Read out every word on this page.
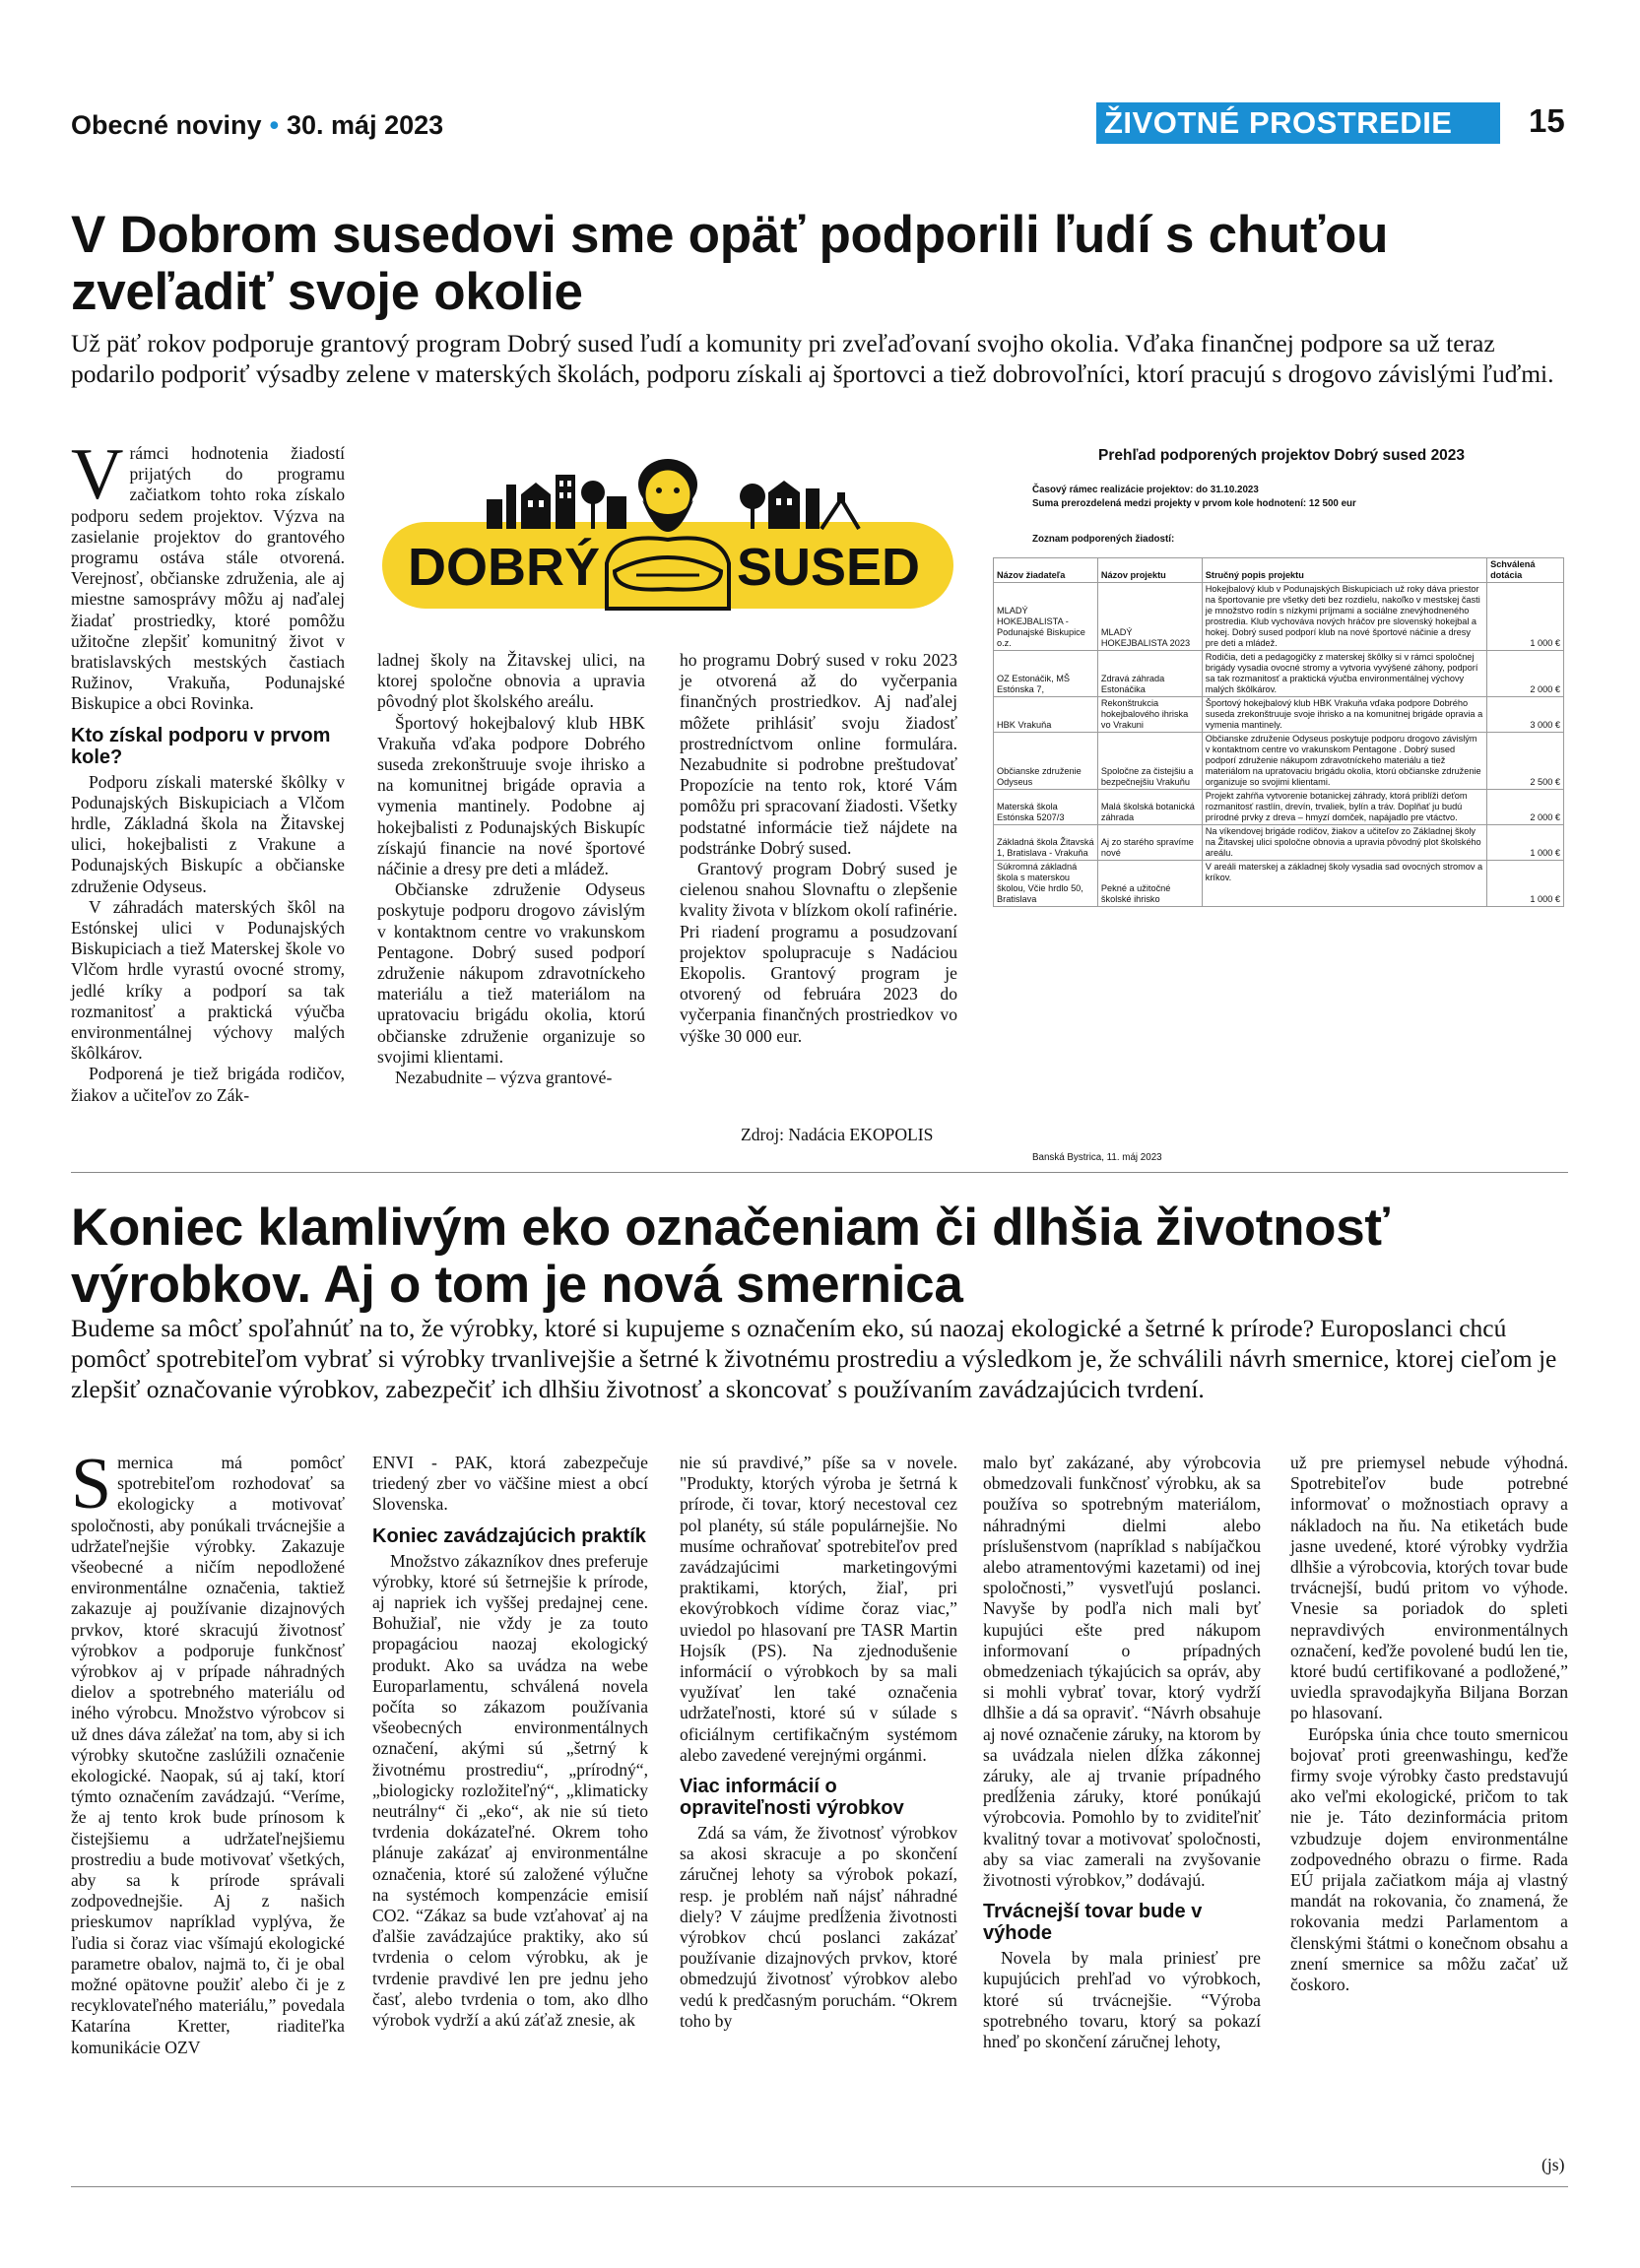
Obecné noviny • 30. máj 2023	ŽIVOTNÉ PROSTREDIE	15
V Dobrom susedovi sme opäť podporili ľudí s chuťou
zveľadiť svoje okolie
Už päť rokov podporuje grantový program Dobrý sused ľudí a komunity pri zveľaďovaní svojho okolia. Vďaka finančnej podpore sa už teraz podarilo podporiť výsadby zelene v materských školách, podporu získali aj športovci a tiež dobrovoľníci, ktorí pracujú s drogovo závislými ľuďmi.

Vrámci hodnotenia žiadostí prijatých do programu začiatkom tohto roka získalo podporu sedem projektov. Výzva na zasielanie projektov do grantového programu ostáva stále otvorená. Verejnosť, občianske združenia, ale aj miestne samosprávy môžu aj naďalej žiadať prostriedky, ktoré pomôžu užitočne zlepšiť komunitný život v bratislavských mestských častiach Ružinov, Vrakuňa, Podunajské Biskupice a obci Rovinka.

Kto získal podporu v prvom kole?

Podporu získali materské škôlky v Podunajských Biskupiciach a Vlčom hrdle, Základná škola na Žitavskej ulici, hokejbalisti z Vrakune a Podunajských Biskupíc a občianske združenie Odyseus.

V záhradách materských škôl na Estónskej ulici v Podunajských Biskupiciach a tiež Materskej škole vo Vlčom hrdle vyrastú ovocné stromy, jedlé kríky a podporí sa tak rozmanitosť a praktická výučba environmentálnej výchovy malých škôlkárov.

Podporená je tiež brigáda rodičov, žiakov a učiteľov zo Zák-

DOBRÝ	SUSED

ladnej školy na Žitavskej ulici, na ktorej spoločne obnovia a upravia pôvodný plot školského areálu.

Športový hokejbalový klub HBK Vrakuňa vďaka podpore Dobrého suseda zrekonštruuje svoje ihrisko a na komunitnej brigáde opravia a vymenia mantinely. Podobne aj hokejbalisti z Podunajských Biskupíc získajú financie na nové športové náčinie a dresy pre deti a mládež.

Občianske združenie Odyseus poskytuje podporu drogovo závislým v kontaktnom centre vo vrakunskom Pentagone. Dobrý sused podporí združenie nákupom zdravotníckeho materiálu a tiež materiálom na upratovaciu brigádu okolia, ktorú občianske združenie organizuje so svojimi klientami.

Nezabudnite – výzva grantové-

ho programu Dobrý sused v roku 2023 je otvorená až do vyčerpania finančných prostriedkov. Aj naďalej môžete prihlásiť svoju žiadosť prostredníctvom online formulára. Nezabudnite si podrobne preštudovať Propozície na tento rok, ktoré Vám pomôžu pri spracovaní žiadosti. Všetky podstatné informácie tiež nájdete na podstránke Dobrý sused.

Grantový program Dobrý sused je cielenou snahou Slovnaftu o zlepšenie kvality života v blízkom okolí rafinérie. Pri riadení programu a posudzovaní projektov spolupracuje s Nadáciou Ekopolis. Grantový program je otvorený od februára 2023 do vyčerpania finančných prostriedkov vo výške 30 000 eur.

Zdroj: Nadácia EKOPOLIS
Prehľad podporených projektov Dobrý sused 2023
Časový rámec realizácie projektov: do 31.10.2023
Suma prerozdelená medzi projekty v prvom kole hodnotení: 12 500 eur
Zoznam podporených žiadostí:
Názov žiadateľa	Názov projektu	Stručný popis projektu	Schválená dotácia
MLADÝ HOKEJBALISTA - Podunajské Biskupice o.z.	MLADÝ HOKEJBALISTA 2023	Hokejbalový klub v Podunajských Biskupiciach už roky dáva priestor na športovanie pre všetky deti bez rozdielu, nakoľko v mestskej časti je množstvo rodín s nízkymi príjmami a sociálne znevýhodneného prostredia. Klub vychováva nových hráčov pre slovenský hokejbal a hokej. Dobrý sused podporí klub na nové športové náčinie a dresy pre deti a mládež.	1 000 €
OZ Estonáčik, MŠ Estónska 7,	Zdravá záhrada Estonáčika	Rodičia, deti a pedagogičky z materskej škôlky si v rámci spoločnej brigády vysadia ovocné stromy a vytvoria vyvýšené záhony, podporí sa tak rozmanitosť a praktická výučba environmentálnej výchovy malých škôlkárov.	2 000 €
HBK Vrakuňa	Rekonštrukcia hokejbalového ihriska vo Vrakuni	Športový hokejbalový klub HBK Vrakuňa vďaka podpore Dobrého suseda zrekonštruuje svoje ihrisko a na komunitnej brigáde opravia a vymenia mantinely.	3 000 €
Občianske združenie Odyseus	Spoločne za čistejšiu a bezpečnejšiu Vrakuňu	Občianske združenie Odyseus poskytuje podporu drogovo závislým v kontaktnom centre vo vrakunskom Pentagone . Dobrý sused podporí združenie nákupom zdravotníckeho materiálu a tiež materiálom na upratovaciu brigádu okolia, ktorú občianske združenie organizuje so svojimi klientami.	2 500 €
Materská škola Estónska 5207/3	Malá školská botanická záhrada	Projekt zahŕňa vytvorenie botanickej záhrady, ktorá priblíži deťom rozmanitosť rastlín, drevín, trvaliek, bylín a tráv. Doplňať ju budú prírodné prvky z dreva – hmyzí domček, napájadlo pre vtáctvo.	2 000 €
Základná škola Žitavská 1, Bratislava - Vrakuňa	Aj zo starého spravíme nové	Na víkendovej brigáde rodičov, žiakov a učiteľov zo Základnej školy na Žitavskej ulici spoločne obnovia a upravia pôvodný plot školského areálu.	1 000 €
Súkromná základná škola s materskou školou, Včie hrdlo 50, Bratislava	Pekné a užitočné školské ihrisko	V areáli materskej a základnej školy vysadia sad ovocných stromov a kríkov.	1 000 €
Banská Bystrica, 11. máj 2023
Koniec klamlivým eko označeniam či dlhšia životnosť
výrobkov. Aj o tom je nová smernica
Budeme sa môcť spoľahnúť na to, že výrobky, ktoré si kupujeme s označením eko, sú naozaj ekologické a šetrné k prírode? Europoslanci chcú pomôcť spotrebiteľom vybrať si výrobky trvanlivejšie a šetrné k životnému prostrediu a výsledkom je, že schválili návrh smernice, ktorej cieľom je zlepšiť označovanie výrobkov, zabezpečiť ich dlhšiu životnosť a skoncovať s používaním zavádzajúcich tvrdení.

Smernica má pomôcť spotrebiteľom rozhodovať sa ekologicky a motivovať spoločnosti, aby ponúkali trvácnejšie a udržateľnejšie výrobky. Zakazuje všeobecné a ničím nepodložené environmentálne označenia, taktiež zakazuje aj používanie dizajnových prvkov, ktoré skracujú životnosť výrobkov a podporuje funkčnosť výrobkov aj v prípade náhradných dielov a spotrebného materiálu od iného výrobcu. Množstvo výrobcov si už dnes dáva záležať na tom, aby si ich výrobky skutočne zaslúžili označenie ekologické. Naopak, sú aj takí, ktorí týmto označením zavádzajú. “Veríme, že aj tento krok bude prínosom k čistejšiemu a udržateľnejšiemu prostrediu a bude motivovať všetkých, aby sa k prírode správali zodpovednejšie. Aj z našich prieskumov napríklad vyplýva, že ľudia si čoraz viac všímajú ekologické parametre obalov, najmä to, či je obal možné opätovne použiť alebo či je z recyklovateľného materiálu,” povedala Katarína Kretter, riaditeľka komunikácie OZV

ENVI - PAK, ktorá zabezpečuje triedený zber vo väčšine miest a obcí Slovenska.

Koniec zavádzajúcich praktík

Množstvo zákazníkov dnes preferuje výrobky, ktoré sú šetrnejšie k prírode, aj napriek ich vyššej predajnej cene. Bohužiaľ, nie vždy je za touto propagáciou naozaj ekologický produkt. Ako sa uvádza na webe Europarlamentu, schválená novela počíta so zákazom používania všeobecných environmentálnych označení, akými sú „šetrný k životnému prostrediu“, „prírodný“, „biologicky rozložiteľný“, „klimaticky neutrálny“ či „eko“, ak nie sú tieto tvrdenia dokázateľné. Okrem toho plánuje zakázať aj environmentálne označenia, ktoré sú založené výlučne na systémoch kompenzácie emisií CO2. “Zákaz sa bude vzťahovať aj na ďalšie zavádzajúce praktiky, ako sú tvrdenia o celom výrobku, ak je tvrdenie pravdivé len pre jednu jeho časť, alebo tvrdenia o tom, ako dlho výrobok vydrží a akú záťaž znesie, ak

nie sú pravdivé,” píše sa v novele. "Produkty, ktorých výroba je šetrná k prírode, či tovar, ktorý necestoval cez pol planéty, sú stále populárnejšie. No musíme ochraňovať spotrebiteľov pred zavádzajúcimi marketingovými praktikami, ktorých, žiaľ, pri ekovýrobkoch vídime čoraz viac,” uviedol po hlasovaní pre TASR Martin Hojsík (PS). Na zjednodušenie informácií o výrobkoch by sa mali využívať len také označenia udržateľnosti, ktoré sú v súlade s oficiálnym certifikačným systémom alebo zavedené verejnými orgánmi.

Viac informácií o opraviteľnosti výrobkov

Zdá sa vám, že životnosť výrobkov sa akosi skracuje a po skončení záručnej lehoty sa výrobok pokazí, resp. je problém naň nájsť náhradné diely? V záujme predĺženia životnosti výrobkov chcú poslanci zakázať používanie dizajnových prvkov, ktoré obmedzujú životnosť výrobkov alebo vedú k predčasným poruchám. “Okrem toho by

malo byť zakázané, aby výrobcovia obmedzovali funkčnosť výrobku, ak sa používa so spotrebným materiálom, náhradnými dielmi alebo príslušenstvom (napríklad s nabíjačkou alebo atramentovými kazetami) od inej spoločnosti,” vysvetľujú poslanci. Navyše by podľa nich mali byť kupujúci ešte pred nákupom informovaní o prípadných obmedzeniach týkajúcich sa opráv, aby si mohli vybrať tovar, ktorý vydrží dlhšie a dá sa opraviť. “Návrh obsahuje aj nové označenie záruky, na ktorom by sa uvádzala nielen dĺžka zákonnej záruky, ale aj trvanie prípadného predĺženia záruky, ktoré ponúkajú výrobcovia. Pomohlo by to zviditeľniť kvalitný tovar a motivovať spoločnosti, aby sa viac zamerali na zvyšovanie životnosti výrobkov,” dodávajú.

Trvácnejší tovar bude v výhode

Novela by mala priniesť pre kupujúcich prehľad vo výrobkoch, ktoré sú trvácnejšie. “Výroba spotrebného tovaru, ktorý sa pokazí hneď po skončení záručnej lehoty,

už pre priemysel nebude výhodná. Spotrebiteľov bude potrebné informovať o možnostiach opravy a nákladoch na ňu. Na etiketách bude jasne uvedené, ktoré výrobky vydržia dlhšie a výrobcovia, ktorých tovar bude trvácnejší, budú pritom vo výhode. Vnesie sa poriadok do spleti nepravdivých environmentálnych označení, keďže povolené budú len tie, ktoré budú certifikované a podložené,” uviedla spravodajkyňa Biljana Borzan po hlasovaní.

Európska únia chce touto smernicou bojovať proti greenwashingu, keďže firmy svoje výrobky často predstavujú ako veľmi ekologické, pričom to tak nie je. Táto dezinformácia pritom vzbudzuje dojem environmentálne zodpovedného obrazu o firme. Rada EÚ prijala začiatkom mája aj vlastný mandát na rokovania, čo znamená, že rokovania medzi Parlamentom a členskými štátmi o konečnom obsahu a znení smernice sa môžu začať už čoskoro.

(js)
